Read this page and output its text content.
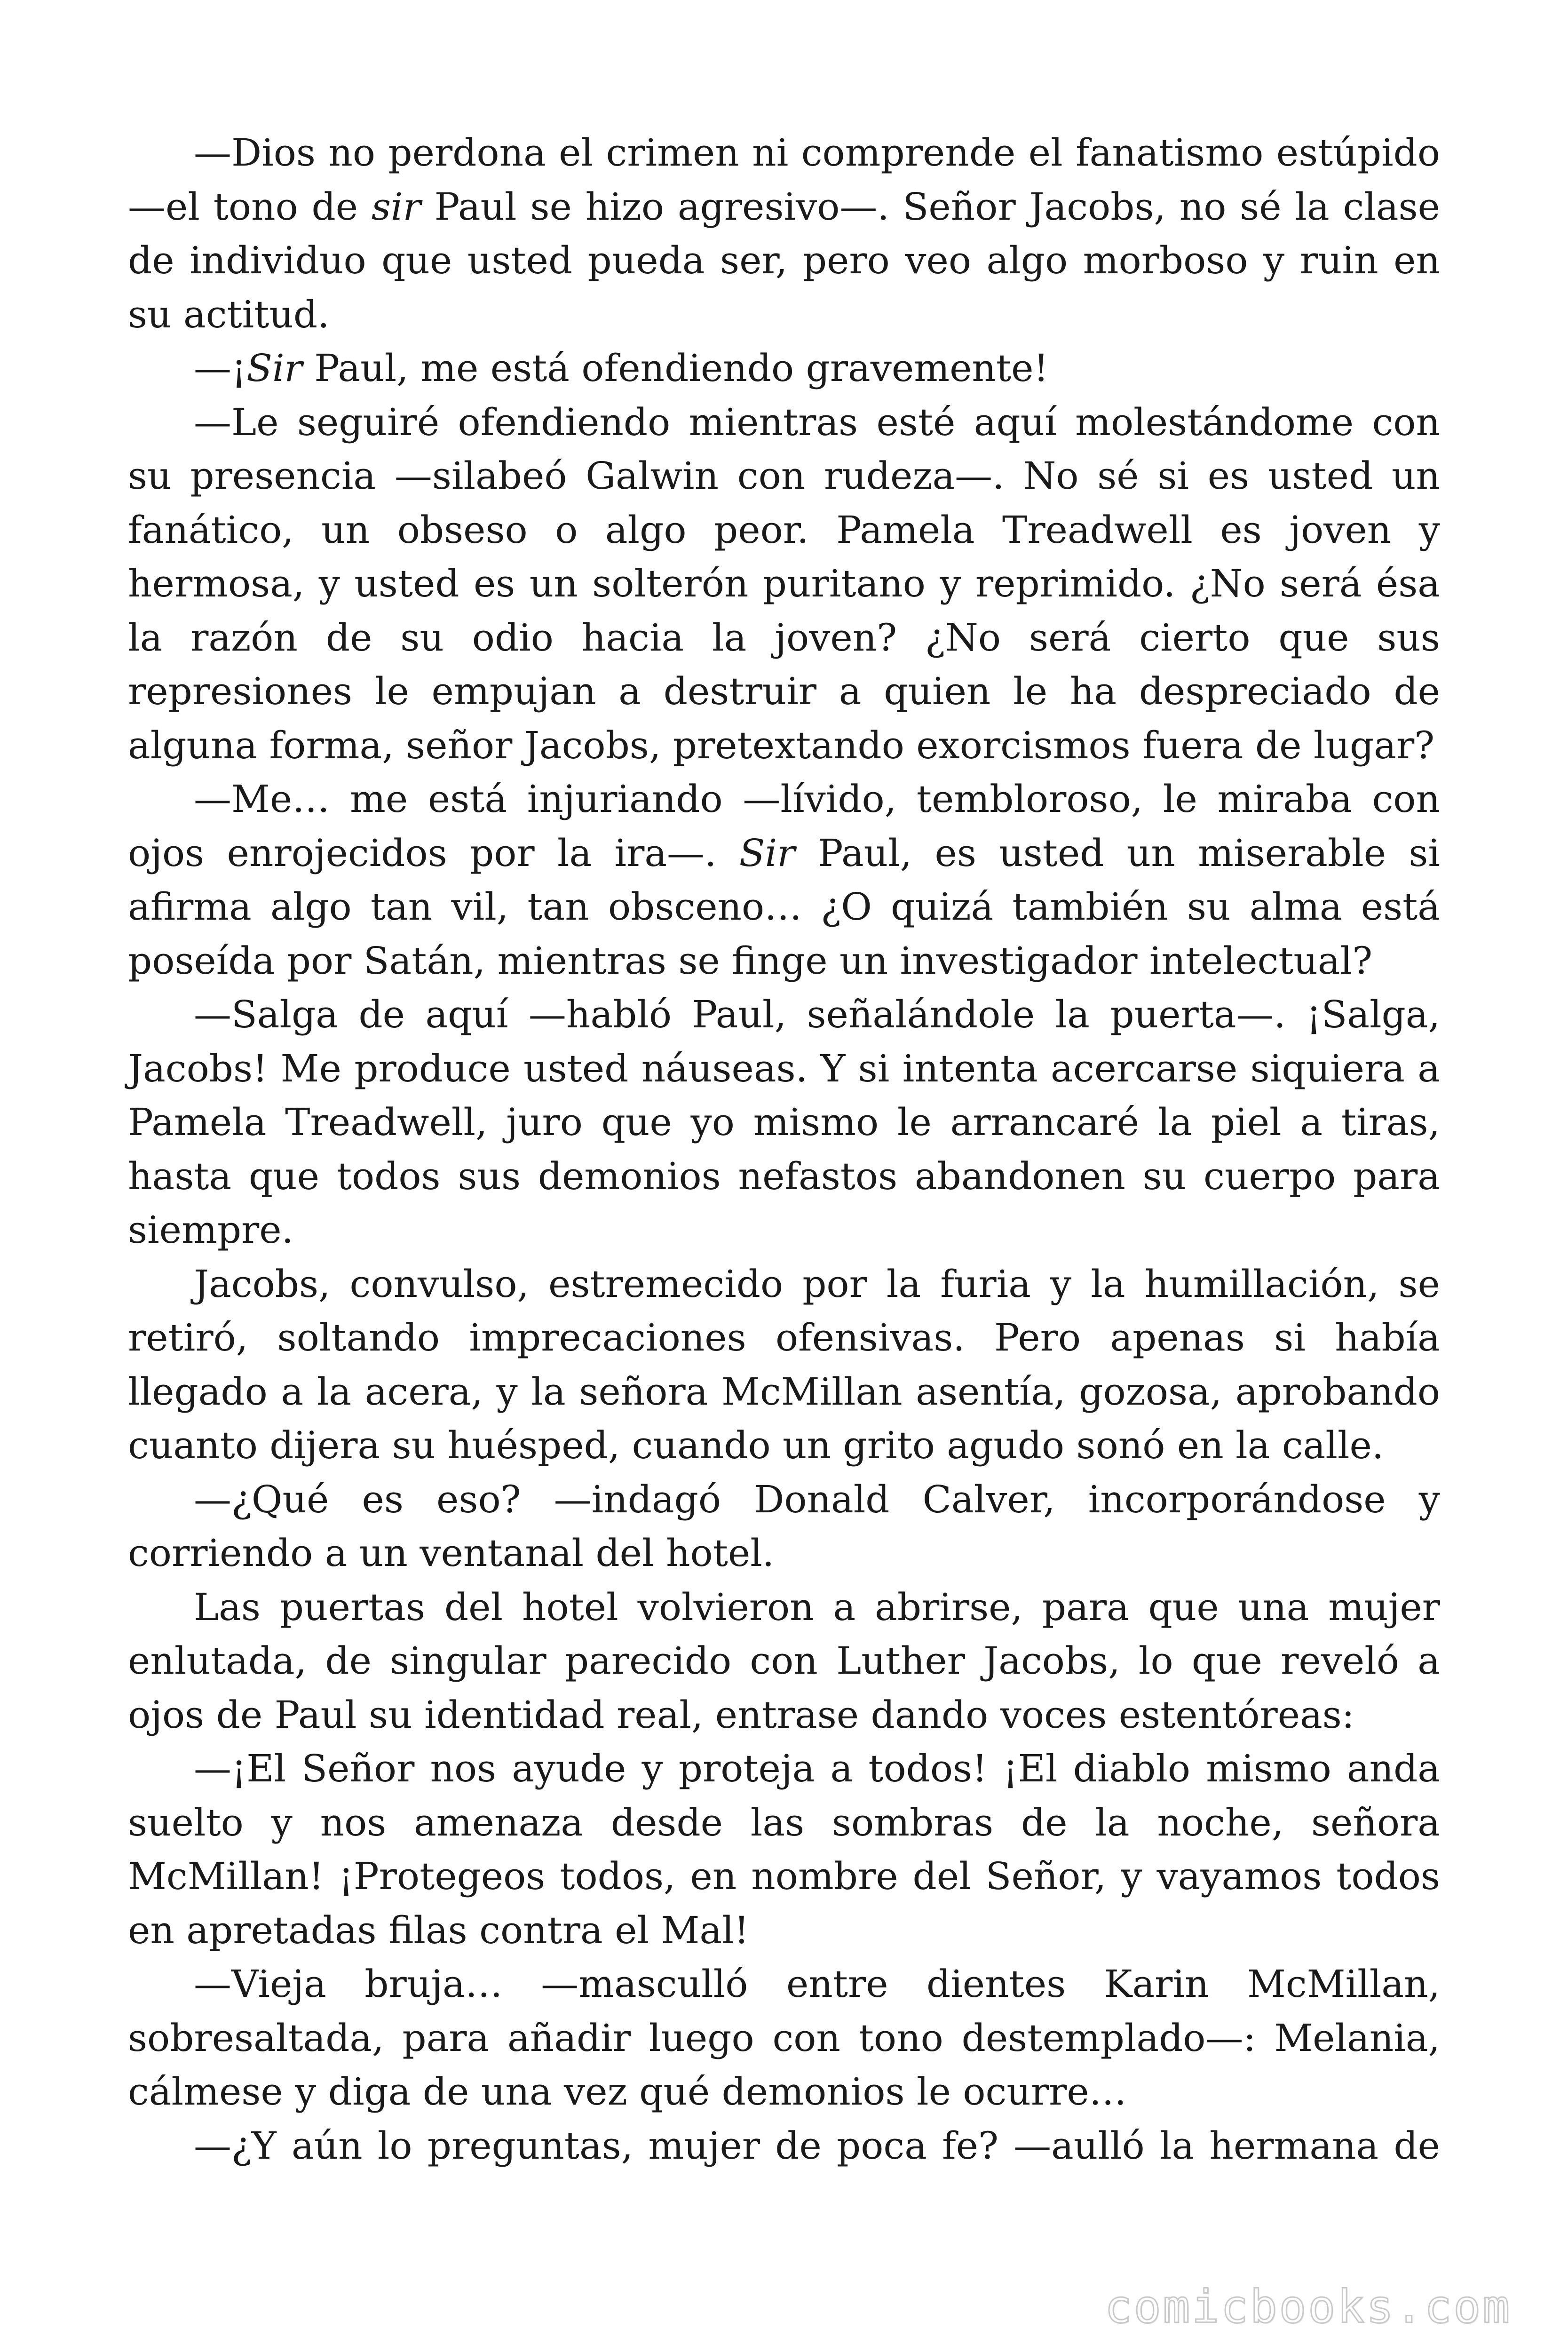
—Dios no perdona el crimen ni comprende el fanatismo estúpido —el tono de sir Paul se hizo agresivo—. Señor Jacobs, no sé la clase de individuo que usted pueda ser, pero veo algo morboso y ruin en su actitud.

—¡Sir Paul, me está ofendiendo gravemente!

—Le seguiré ofendiendo mientras esté aquí molestándome con su presencia —silabeó Galwin con rudeza—. No sé si es usted un fanático, un obseso o algo peor. Pamela Treadwell es joven y hermosa, y usted es un solterón puritano y reprimido. ¿No será ésa la razón de su odio hacia la joven? ¿No será cierto que sus represiones le empujan a destruir a quien le ha despreciado de alguna forma, señor Jacobs, pretextando exorcismos fuera de lugar?

—Me… me está injuriando —lívido, tembloroso, le miraba con ojos enrojecidos por la ira—. Sir Paul, es usted un miserable si afirma algo tan vil, tan obsceno… ¿O quizá también su alma está poseída por Satán, mientras se finge un investigador intelectual?

—Salga de aquí —habló Paul, señalándole la puerta—. ¡Salga, Jacobs! Me produce usted náuseas. Y si intenta acercarse siquiera a Pamela Treadwell, juro que yo mismo le arrancaré la piel a tiras, hasta que todos sus demonios nefastos abandonen su cuerpo para siempre.

Jacobs, convulso, estremecido por la furia y la humillación, se retiró, soltando imprecaciones ofensivas. Pero apenas si había llegado a la acera, y la señora McMillan asentía, gozosa, aprobando cuanto dijera su huésped, cuando un grito agudo sonó en la calle.

—¿Qué es eso? —indagó Donald Calver, incorporándose y corriendo a un ventanal del hotel.

Las puertas del hotel volvieron a abrirse, para que una mujer enlutada, de singular parecido con Luther Jacobs, lo que reveló a ojos de Paul su identidad real, entrase dando voces estentóreas:

—¡El Señor nos ayude y proteja a todos! ¡El diablo mismo anda suelto y nos amenaza desde las sombras de la noche, señora McMillan! ¡Protegeos todos, en nombre del Señor, y vayamos todos en apretadas filas contra el Mal!

—Vieja bruja… —masculló entre dientes Karin McMillan, sobresaltada, para añadir luego con tono destemplado—: Melania, cálmese y diga de una vez qué demonios le ocurre…

—¿Y aún lo preguntas, mujer de poca fe? —aulló la hermana de

comicbooks.com
